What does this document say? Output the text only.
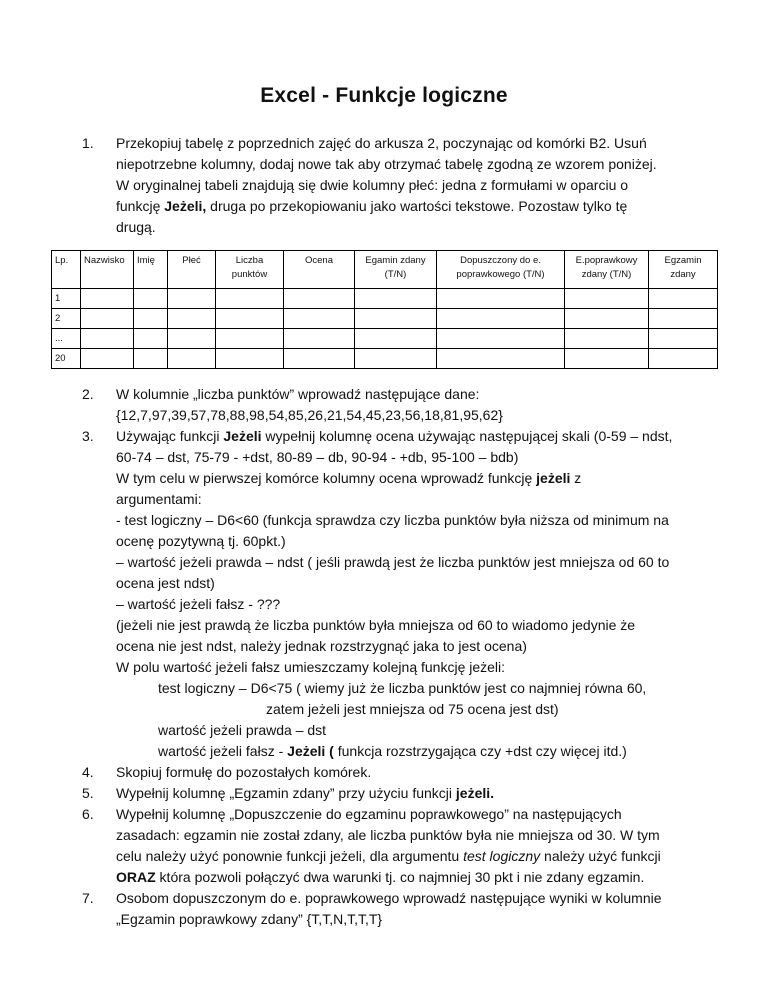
Excel - Funkcje logiczne
1.	Przekopiuj tabelę z poprzednich zajęć do arkusza 2, poczynając od komórki B2. Usuń
niepotrzebne kolumny, dodaj nowe tak aby otrzymać tabelę zgodną ze wzorem poniżej.
W oryginalnej tabeli znajdują się dwie kolumny płeć: jedna z formułami w oparciu o
funkcję Jeżeli, druga po przekopiowaniu jako wartości tekstowe. Pozostaw tylko tę
drugą.
Lp.	Nazwisko	Imię	Płeć	Liczba punktów	Ocena	Egamin zdany (T/N)	Dopuszczony do e. poprawkowego (T/N)	E.poprawkowy zdany (T/N)	Egzamin zdany
1									
2									
...									
20									
2.	W kolumnie „liczba punktów” wprowadź następujące dane:
{12,7,97,39,57,78,88,98,54,85,26,21,54,45,23,56,18,81,95,62}
3.	Używając funkcji Jeżeli wypełnij kolumnę ocena używając następującej skali (0-59 – ndst,
60-74 – dst, 75-79 - +dst, 80-89 – db, 90-94 - +db, 95-100 – bdb)
W tym celu w pierwszej komórce kolumny ocena wprowadź funkcję jeżeli z
argumentami:
- test logiczny – D6<60 (funkcja sprawdza czy liczba punktów była niższa od minimum na
ocenę pozytywną tj. 60pkt.)
– wartość jeżeli prawda – ndst ( jeśli prawdą jest że liczba punktów jest mniejsza od 60 to
ocena jest ndst)
– wartość jeżeli fałsz - ???
(jeżeli nie jest prawdą że liczba punktów była mniejsza od 60 to wiadomo jedynie że
ocena nie jest ndst, należy jednak rozstrzygnąć jaka to jest ocena)
W polu wartość jeżeli fałsz umieszczamy kolejną funkcję jeżeli:
test logiczny – D6<75 ( wiemy już że liczba punktów jest co najmniej równa 60,
zatem jeżeli jest mniejsza od 75 ocena jest dst)
wartość jeżeli prawda – dst
wartość jeżeli fałsz - Jeżeli ( funkcja rozstrzygająca czy +dst czy więcej itd.)
4.	Skopiuj formułę do pozostałych komórek.
5.	Wypełnij kolumnę „Egzamin zdany” przy użyciu funkcji jeżeli.
6.	Wypełnij kolumnę „Dopuszczenie do egzaminu poprawkowego” na następujących
zasadach: egzamin nie został zdany, ale liczba punktów była nie mniejsza od 30. W tym
celu należy użyć ponownie funkcji jeżeli, dla argumentu test logiczny należy użyć funkcji
ORAZ która pozwoli połączyć dwa warunki tj. co najmniej 30 pkt i nie zdany egzamin.
7.	Osobom dopuszczonym do e. poprawkowego wprowadź następujące wyniki w kolumnie
„Egzamin poprawkowy zdany” {T,T,N,T,T,T}
